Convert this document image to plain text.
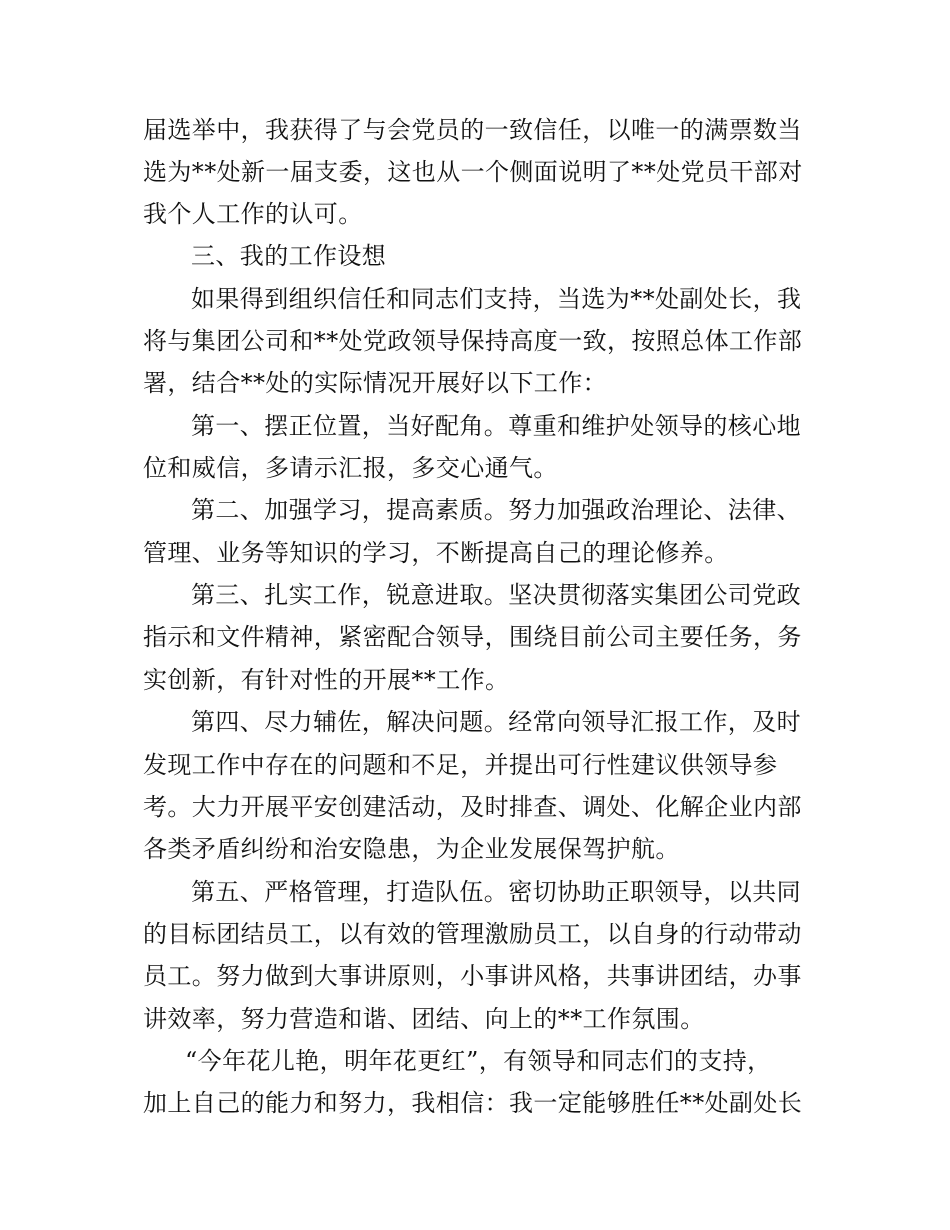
届选举中，我获得了与会党员的一致信任，以唯一的满票数当
选为**处新一届支委，这也从一个侧面说明了**处党员干部对
我个人工作的认可。
三、我的工作设想
如果得到组织信任和同志们支持，当选为**处副处长，我
将与集团公司和**处党政领导保持高度一致，按照总体工作部
署，结合**处的实际情况开展好以下工作：
第一、摆正位置，当好配角。尊重和维护处领导的核心地
位和威信，多请示汇报，多交心通气。
第二、加强学习，提高素质。努力加强政治理论、法律、
管理、业务等知识的学习，不断提高自己的理论修养。
第三、扎实工作，锐意进取。坚决贯彻落实集团公司党政
指示和文件精神，紧密配合领导，围绕目前公司主要任务，务
实创新，有针对性的开展**工作。
第四、尽力辅佐，解决问题。经常向领导汇报工作，及时
发现工作中存在的问题和不足，并提出可行性建议供领导参
考。大力开展平安创建活动，及时排查、调处、化解企业内部
各类矛盾纠纷和治安隐患，为企业发展保驾护航。
第五、严格管理，打造队伍。密切协助正职领导，以共同
的目标团结员工，以有效的管理激励员工，以自身的行动带动
员工。努力做到大事讲原则，小事讲风格，共事讲团结，办事
讲效率，努力营造和谐、团结、向上的**工作氛围。
“今年花儿艳，明年花更红”，有领导和同志们的支持，
加上自己的能力和努力，我相信：我一定能够胜任**处副处长
